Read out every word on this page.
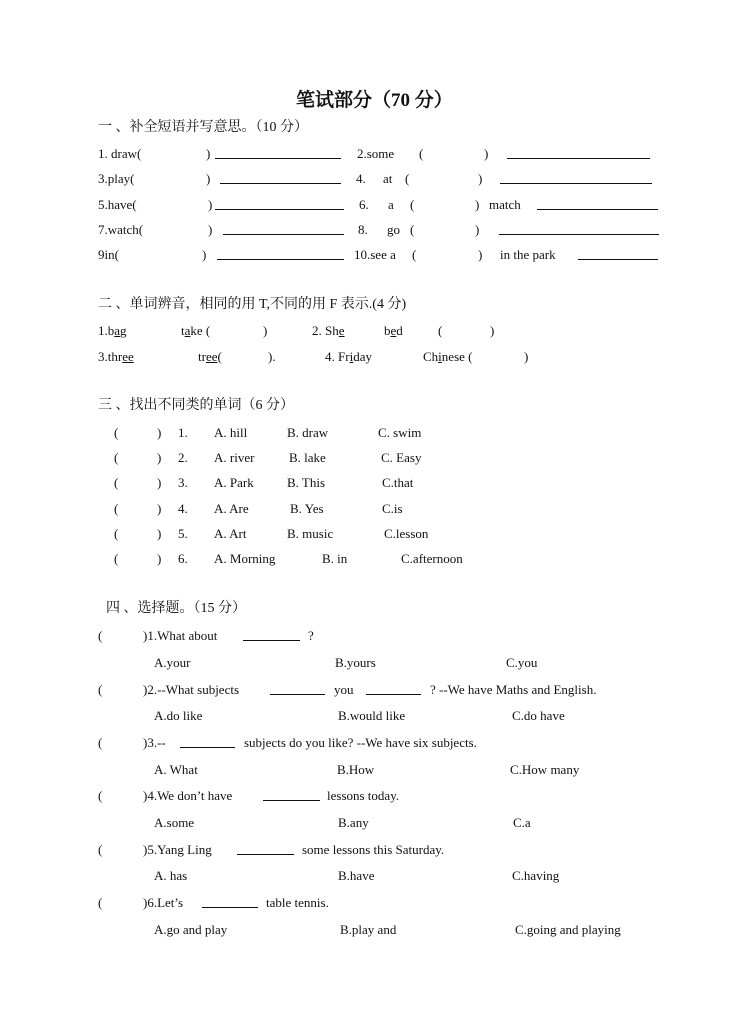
笔试部分（70 分）
一 、补全短语并写意思。（10 分）
1. draw(	)	2.some (	)
3.play(	)	4. at (	)
5.have(	)	6. a (	) match
7.watch(	)	8. go (	)
9in(	)	10.see a (	) in the park
二 、单词辨音，相同的用 T,不同的用 F 表示.(4 分)
1.bag	take (	)	2. She	bed	(	)
3.three	tree(	).	4. Friday	Chinese (	)
三 、找出不同类的单词（6 分）
(	) 1. A. hill	B. draw	C. swim
(	) 2. A. river	B. lake	C. Easy
(	) 3. A. Park	B. This	C.that
(	) 4. A. Are	B. Yes	C.is
(	) 5. A. Art	B. music	C.lesson
(	) 6. A. Morning	B. in	C.afternoon
四 、选择题。（15 分）
(	)1.What about	?
A.your	B.yours	C.you
(	)2.--What subjects	you	? --We have Maths and English.
A.do like	B.would like	C.do have
(	)3.--	subjects do you like? --We have six subjects.
A. What	B.How	C.How many
(	)4.We don’t have	lessons today.
A.some	B.any	C.a
(	)5.Yang Ling	some lessons this Saturday.
A. has	B.have	C.having
(	)6.Let’s	table tennis.
A.go and play	B.play and	C.going and playing
